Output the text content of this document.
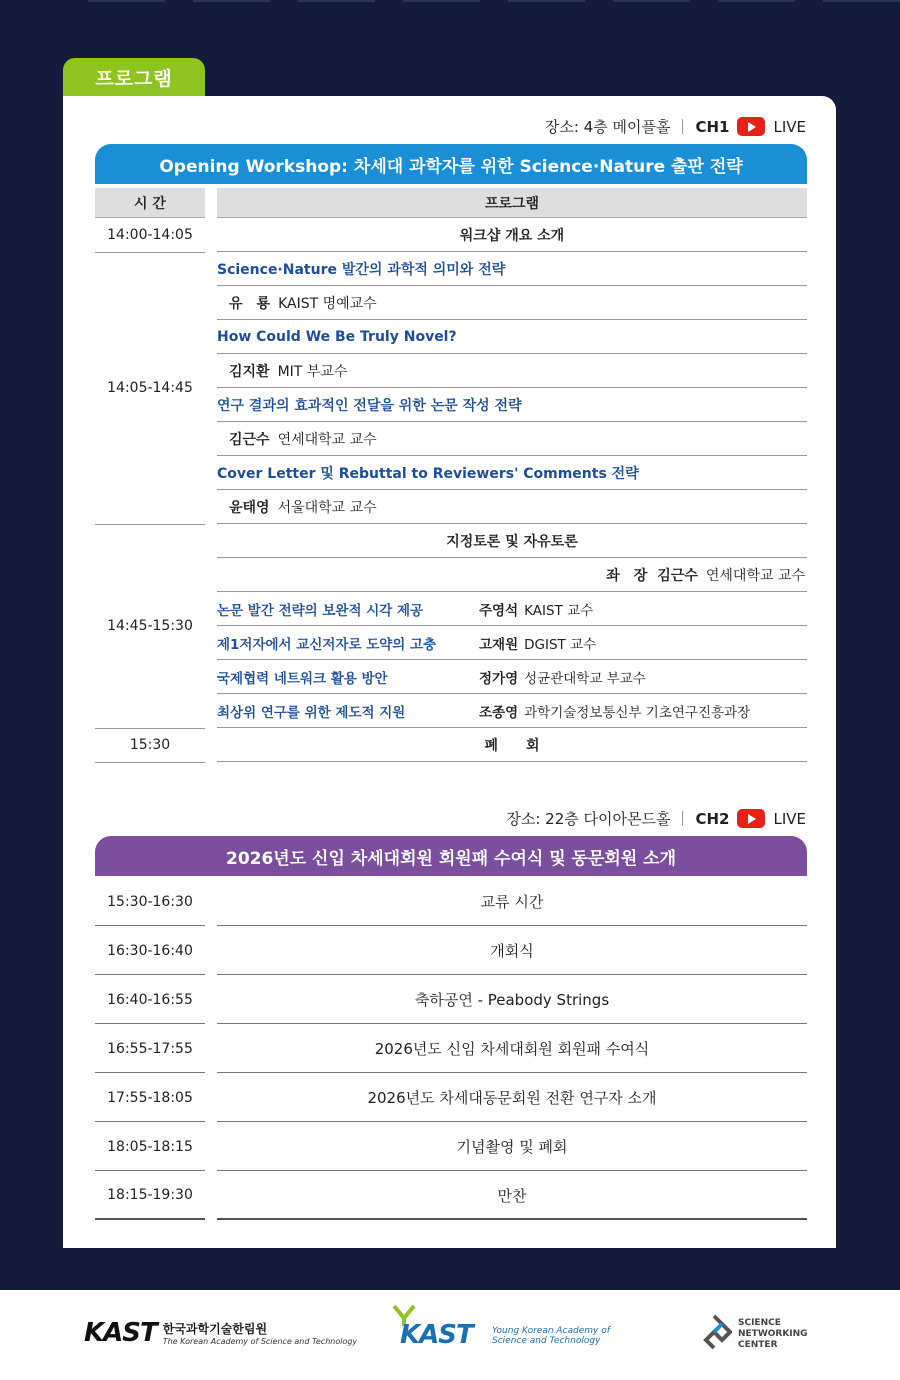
프로그램
장소: 4층 메이플홀 CH1	LIVE
Opening Workshop: 차세대 과학자를 위한 Science·Nature 출판 전략
시 간	프로그램
14:00-14:05	워크샵 개요 소개
14:05-14:45
Science·Nature 발간의 과학적 의미와 전략
유　룡 KAIST 명예교수
How Could We Be Truly Novel?
김지환 MIT 부교수
연구 결과의 효과적인 전달을 위한 논문 작성 전략
김근수 연세대학교 교수
Cover Letter 및 Rebuttal to Reviewers' Comments 전략
윤태영 서울대학교 교수
14:45-15:30
지정토론 및 자유토론
좌　장 김근수 연세대학교 교수
논문 발간 전략의 보완적 시각 제공	주영석 KAIST 교수
제1저자에서 교신저자로 도약의 고충	고재원 DGIST 교수
국제협력 네트워크 활용 방안	정가영 성균관대학교 부교수
최상위 연구를 위한 제도적 지원	조종영 과학기술정보통신부 기초연구진흥과장
15:30	폐　　회
장소: 22층 다이아몬드홀 CH2	LIVE
2026년도 신입 차세대회원 회원패 수여식 및 동문회원 소개
15:30-16:30	교류 시간
16:30-16:40	개회식
16:40-16:55	축하공연 - Peabody Strings
16:55-17:55	2026년도 신임 차세대회원 회원패 수여식
17:55-18:05	2026년도 차세대동문회원 전환 연구자 소개
18:05-18:15	기념촬영 및 폐회
18:15-19:30	만찬
KAST 한국과학기술한림원
The Korean Academy of Science and Technology KAST Young Korean Academy of
Science and Technology
SCIENCE
NETWORKING
CENTER
